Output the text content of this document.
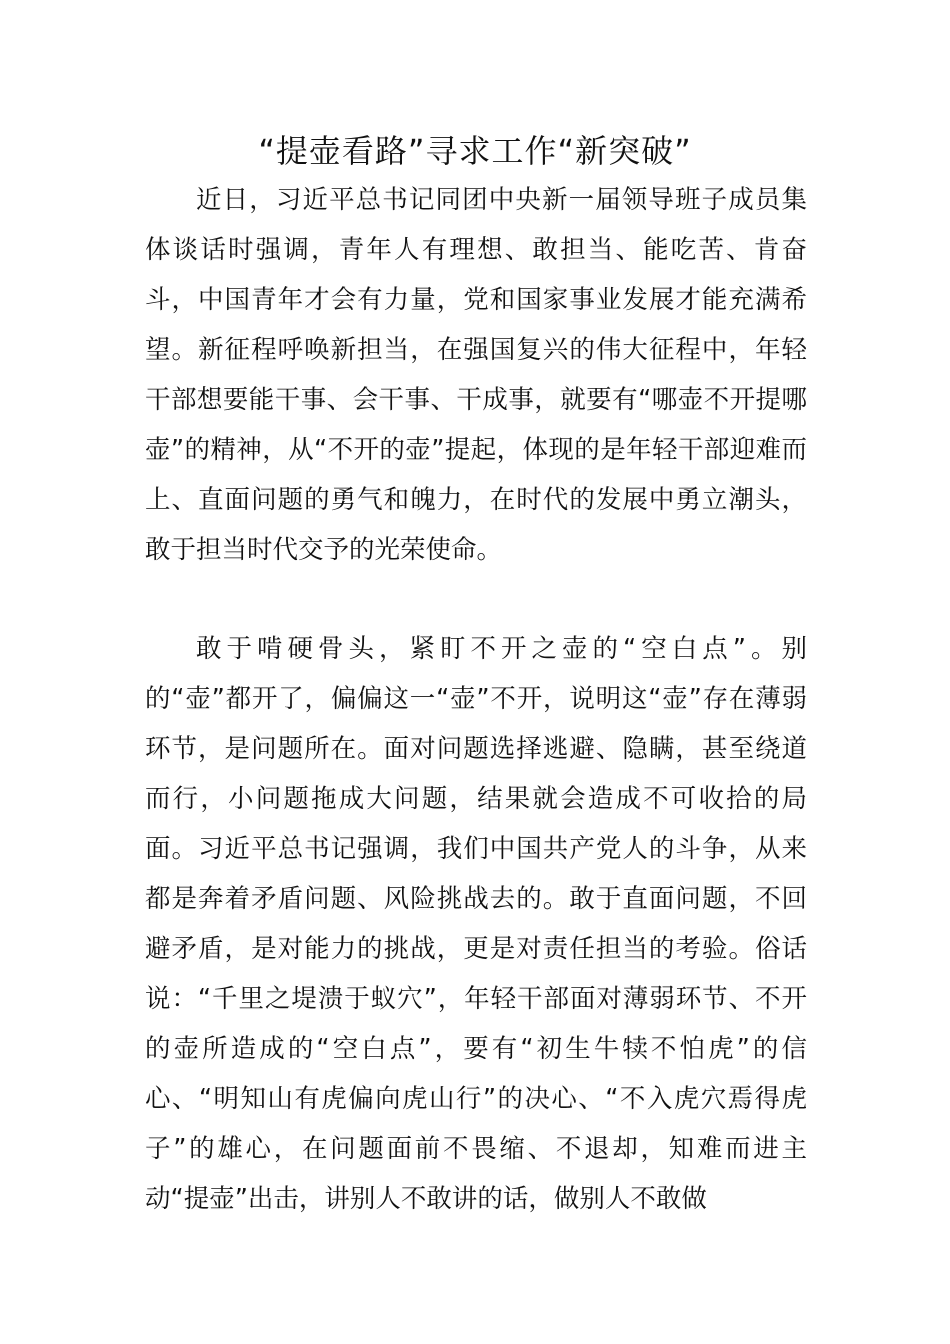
“提壶看路”寻求工作“新突破”

近日，习近平总书记同团中央新一届领导班子成员集体谈话时强调，青年人有理想、敢担当、能吃苦、肯奋斗，中国青年才会有力量，党和国家事业发展才能充满希望。新征程呼唤新担当，在强国复兴的伟大征程中，年轻干部想要能干事、会干事、干成事，就要有“哪壶不开提哪壶”的精神，从“不开的壶”提起，体现的是年轻干部迎难而上、直面问题的勇气和魄力，在时代的发展中勇立潮头，敢于担当时代交予的光荣使命。

敢于啃硬骨头，紧盯不开之壶的“空白点”。别的“壶”都开了，偏偏这一“壶”不开，说明这“壶”存在薄弱环节，是问题所在。面对问题选择逃避、隐瞒，甚至绕道而行，小问题拖成大问题，结果就会造成不可收拾的局面。习近平总书记强调，我们中国共产党人的斗争，从来都是奔着矛盾问题、风险挑战去的。敢于直面问题，不回避矛盾，是对能力的挑战，更是对责任担当的考验。俗话说：“千里之堤溃于蚁穴”，年轻干部面对薄弱环节、不开的壶所造成的“空白点”，要有“初生牛犊不怕虎”的信心、“明知山有虎偏向虎山行”的决心、“不入虎穴焉得虎子”的雄心，在问题面前不畏缩、不退却，知难而进主动“提壶”出击，讲别人不敢讲的话，做别人不敢做
